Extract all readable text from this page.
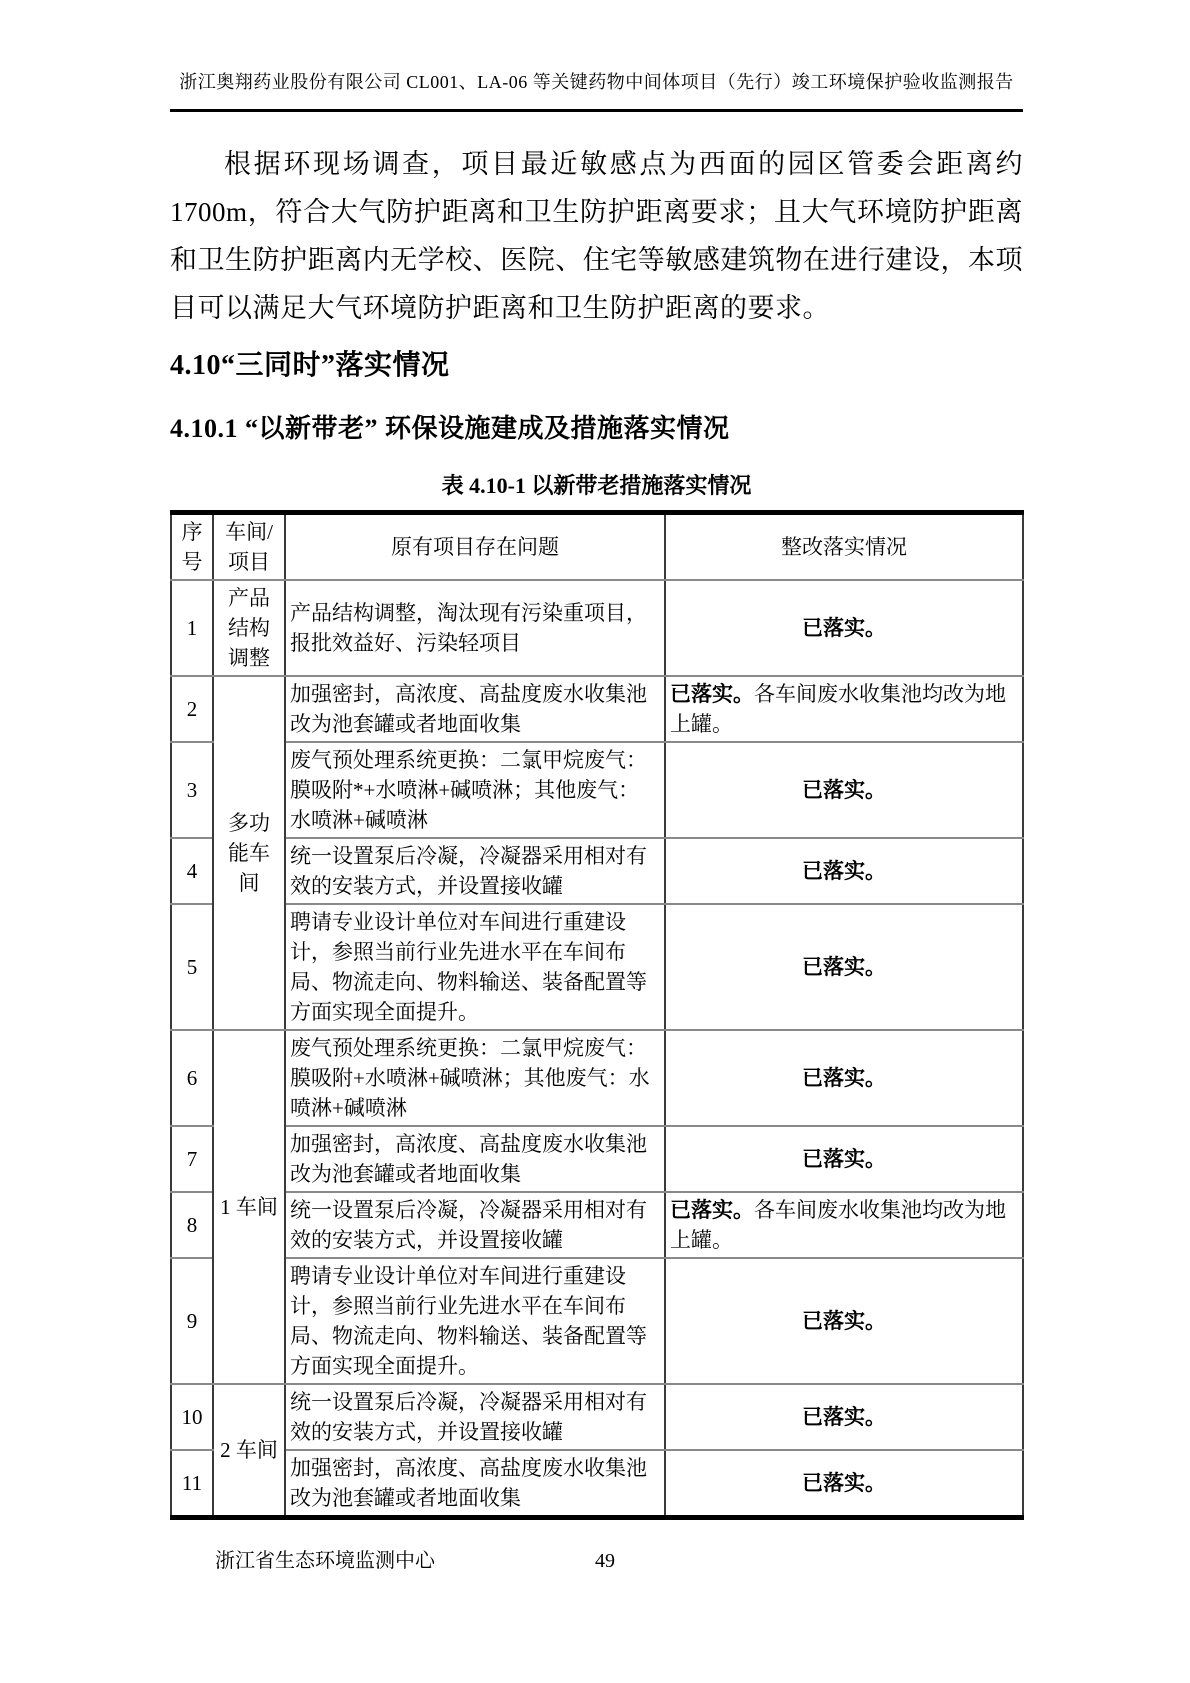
浙江奥翔药业股份有限公司 CL001、LA-06 等关键药物中间体项目（先行）竣工环境保护验收监测报告

根据环现场调查，项目最近敏感点为西面的园区管委会距离约1700m，符合大气防护距离和卫生防护距离要求；且大气环境防护距离和卫生防护距离内无学校、医院、住宅等敏感建筑物在进行建设，本项目可以满足大气环境防护距离和卫生防护距离的要求。

4.10“三同时”落实情况
4.10.1 “以新带老” 环保设施建成及措施落实情况
表 4.10-1 以新带老措施落实情况
序号	车间/项目	原有项目存在问题	整改落实情况
1	产品结构调整	产品结构调整，淘汰现有污染重项目，报批效益好、污染轻项目	已落实。
2	多功能车间	加强密封，高浓度、高盐度废水收集池改为池套罐或者地面收集	已落实。各车间废水收集池均改为地上罐。
3		废气预处理系统更换：二氯甲烷废气：膜吸附*+水喷淋+碱喷淋；其他废气：水喷淋+碱喷淋	已落实。
4		统一设置泵后冷凝，冷凝器采用相对有效的安装方式，并设置接收罐	已落实。
5		聘请专业设计单位对车间进行重建设计，参照当前行业先进水平在车间布局、物流走向、物料输送、装备配置等方面实现全面提升。	已落实。
6	1 车间	废气预处理系统更换：二氯甲烷废气：膜吸附+水喷淋+碱喷淋；其他废气：水喷淋+碱喷淋	已落实。
7		加强密封，高浓度、高盐度废水收集池改为池套罐或者地面收集	已落实。
8		统一设置泵后冷凝，冷凝器采用相对有效的安装方式，并设置接收罐	已落实。各车间废水收集池均改为地上罐。
9		聘请专业设计单位对车间进行重建设计，参照当前行业先进水平在车间布局、物流走向、物料输送、装备配置等方面实现全面提升。	已落实。
10	2 车间	统一设置泵后冷凝，冷凝器采用相对有效的安装方式，并设置接收罐	已落实。
11		加强密封，高浓度、高盐度废水收集池改为池套罐或者地面收集	已落实。
浙江省生态环境监测中心	49
